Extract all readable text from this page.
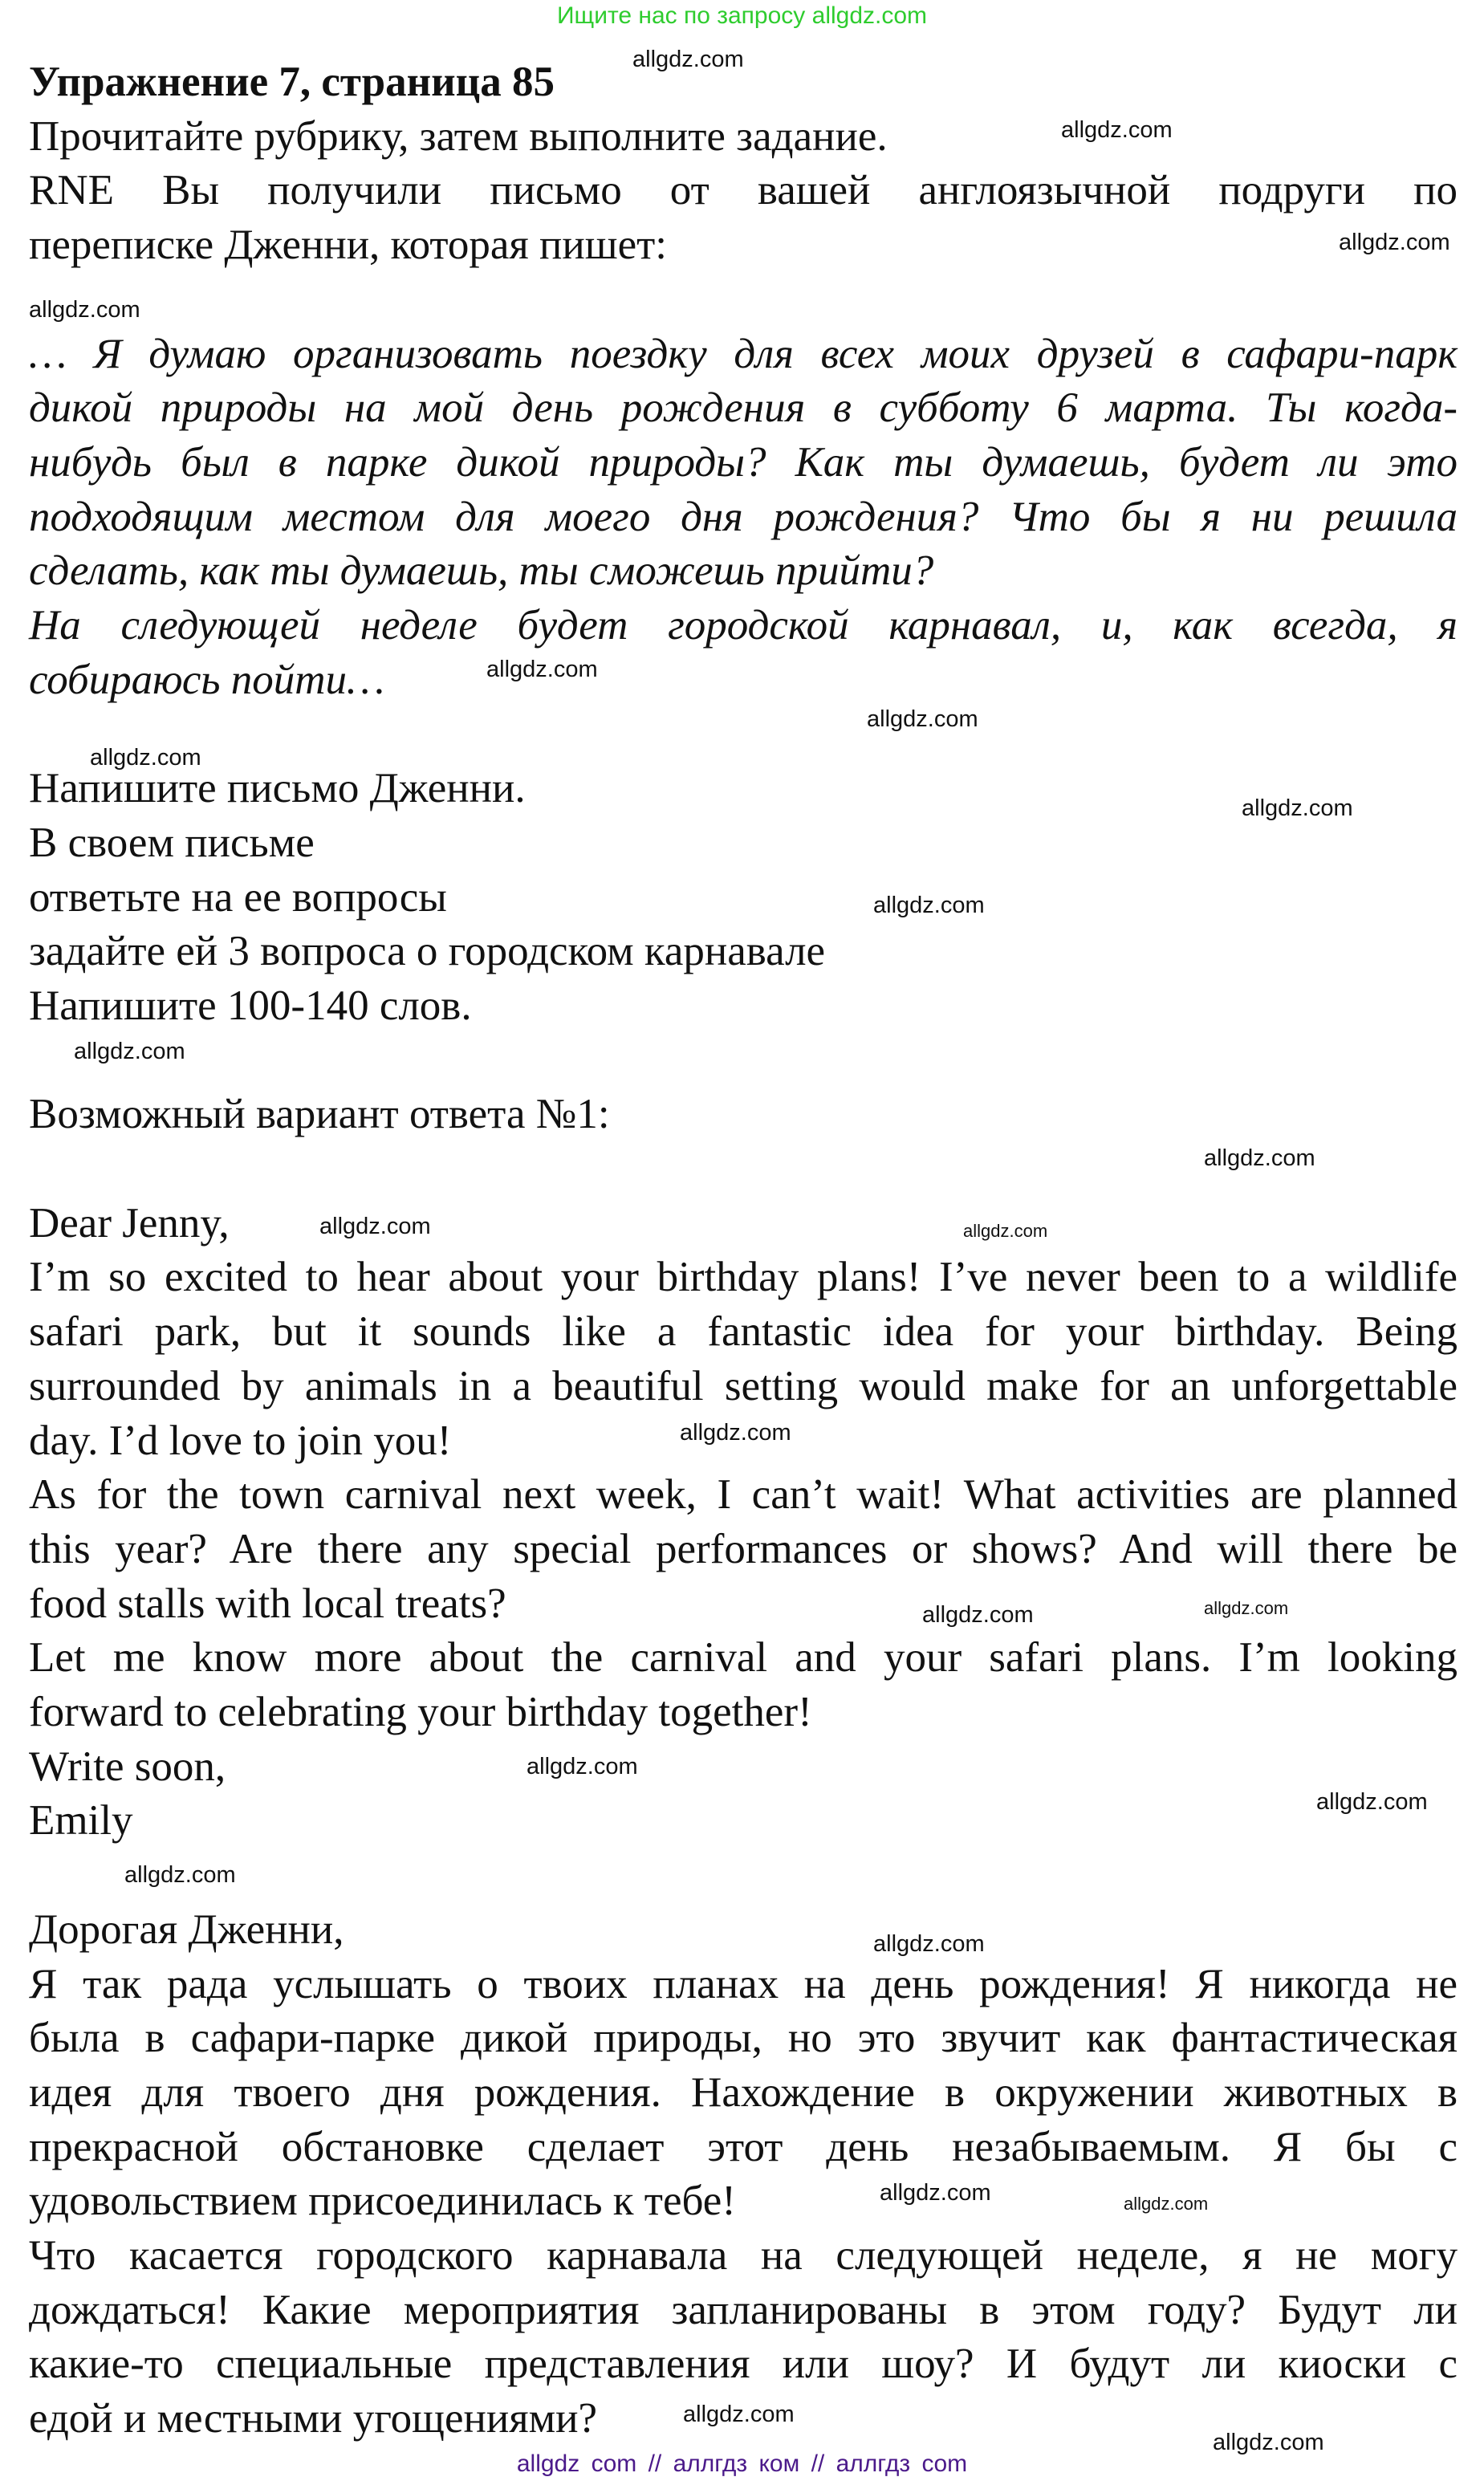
Ищите нас по запросу allgdz.com
Упражнение 7, страница 85
Прочитайте рубрику, затем выполните задание.
RNE Вы получили письмо от вашей англоязычной подруги по
переписке Дженни, которая пишет:
… Я думаю организовать поездку для всех моих друзей в сафари-парк
дикой природы на мой день рождения в субботу 6 марта. Ты когда-
нибудь был в парке дикой природы? Как ты думаешь, будет ли это
подходящим местом для моего дня рождения? Что бы я ни решила
сделать, как ты думаешь, ты сможешь прийти?
На следующей неделе будет городской карнавал, и, как всегда, я
собираюсь пойти…
Напишите письмо Дженни.
В своем письме
ответьте на ее вопросы
задайте ей 3 вопроса о городском карнавале
Напишите 100-140 слов.
Возможный вариант ответа №1:
Dear Jenny,
I’m so excited to hear about your birthday plans! I’ve never been to a wildlife
safari park, but it sounds like a fantastic idea for your birthday. Being
surrounded by animals in a beautiful setting would make for an unforgettable
day. I’d love to join you!
As for the town carnival next week, I can’t wait! What activities are planned
this year? Are there any special performances or shows? And will there be
food stalls with local treats?
Let me know more about the carnival and your safari plans. I’m looking
forward to celebrating your birthday together!
Write soon,
Emily
Дорогая Дженни,
Я так рада услышать о твоих планах на день рождения! Я никогда не
была в сафари-парке дикой природы, но это звучит как фантастическая
идея для твоего дня рождения. Нахождение в окружении животных в
прекрасной обстановке сделает этот день незабываемым. Я бы с
удовольствием присоединилась к тебе!
Что касается городского карнавала на следующей неделе, я не могу
дождаться! Какие мероприятия запланированы в этом году? Будут ли
какие-то специальные представления или шоу? И будут ли киоски с
едой и местными угощениями?
allgdz com // аллгдз ком // аллгдз com
allgdz.com
allgdz.com
allgdz.com
allgdz.com
allgdz.com
allgdz.com
allgdz.com
allgdz.com
allgdz.com
allgdz.com
allgdz.com
allgdz.com	allgdz.com
allgdz.com
allgdz.com
allgdz.com
allgdz.com
allgdz.com
allgdz.com
allgdz.com
allgdz.com	allgdz.com
allgdz.com
allgdz.com
